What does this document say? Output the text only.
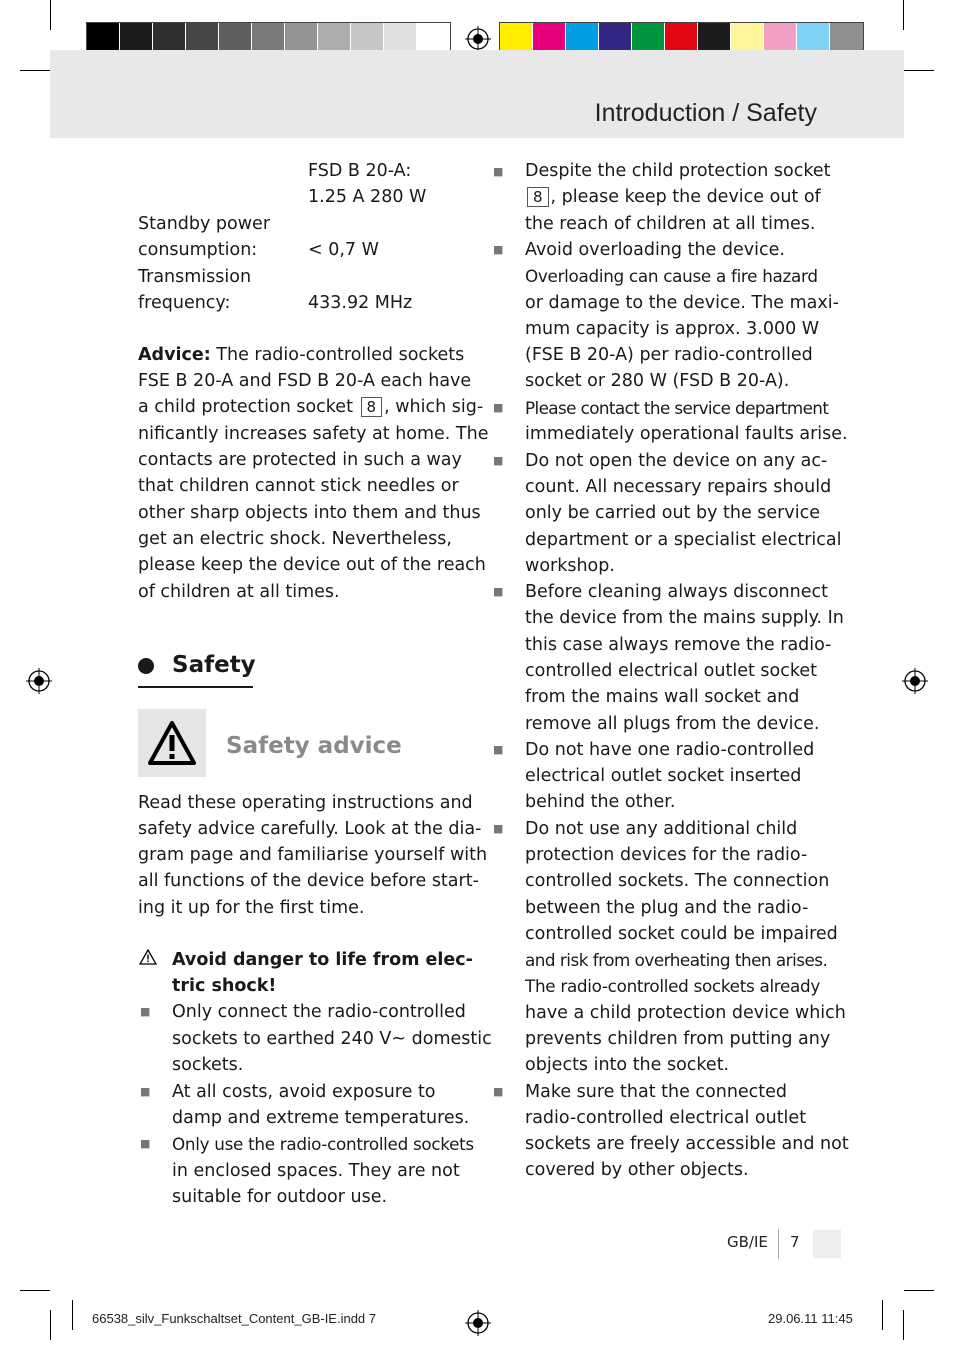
Introduction / Safety
FSD B 20-A:
1.25 A 280 W
Standby power
consumption:	< 0,7 W
Transmission
frequency:	433.92 MHz
Advice: The radio-controlled sockets
FSE B 20-A and FSD B 20-A each have
a child protection socket 8 , which sig-
nificantly increases safety at home. The
contacts are protected in such a way
that children cannot stick needles or
other sharp objects into them and thus
get an electric shock. Nevertheless,
please keep the device out of the reach
of children at all times.
Safety
Safety advice
Read these operating instructions and
safety advice carefully. Look at the dia-
gram page and familiarise yourself with
all functions of the device before start-
ing it up for the first time.
Avoid danger to life from elec-
tric shock!
■ Only connect the radio-controlled
sockets to earthed 240 V~ domestic
sockets.
■ At all costs, avoid exposure to
damp and extreme temperatures.
■ Only use the radio-controlled sockets
in enclosed spaces. They are not
suitable for outdoor use.
■ Despite the child protection socket
8 , please keep the device out of
the reach of children at all times.
■ Avoid overloading the device.
Overloading can cause a fire hazard
or damage to the device. The maxi-
mum capacity is approx. 3.000 W
(FSE B 20-A) per radio-controlled
socket or 280 W (FSD B 20-A).
■ Please contact the service department
immediately operational faults arise.
■ Do not open the device on any ac-
count. All necessary repairs should
only be carried out by the service
department or a specialist electrical
workshop.
■ Before cleaning always disconnect
the device from the mains supply. In
this case always remove the radio-
controlled electrical outlet socket
from the mains wall socket and
remove all plugs from the device.
■ Do not have one radio-controlled
electrical outlet socket inserted
behind the other.
■ Do not use any additional child
protection devices for the radio-
controlled sockets. The connection
between the plug and the radio-
controlled socket could be impaired
and risk from overheating then arises.
The radio-controlled sockets already
have a child protection device which
prevents children from putting any
objects into the socket.
■ Make sure that the connected
radio-controlled electrical outlet
sockets are freely accessible and not
covered by other objects.
GB/IE 7
66538_silv_Funkschaltset_Content_GB-IE.indd 7	29.06.11 11:45
